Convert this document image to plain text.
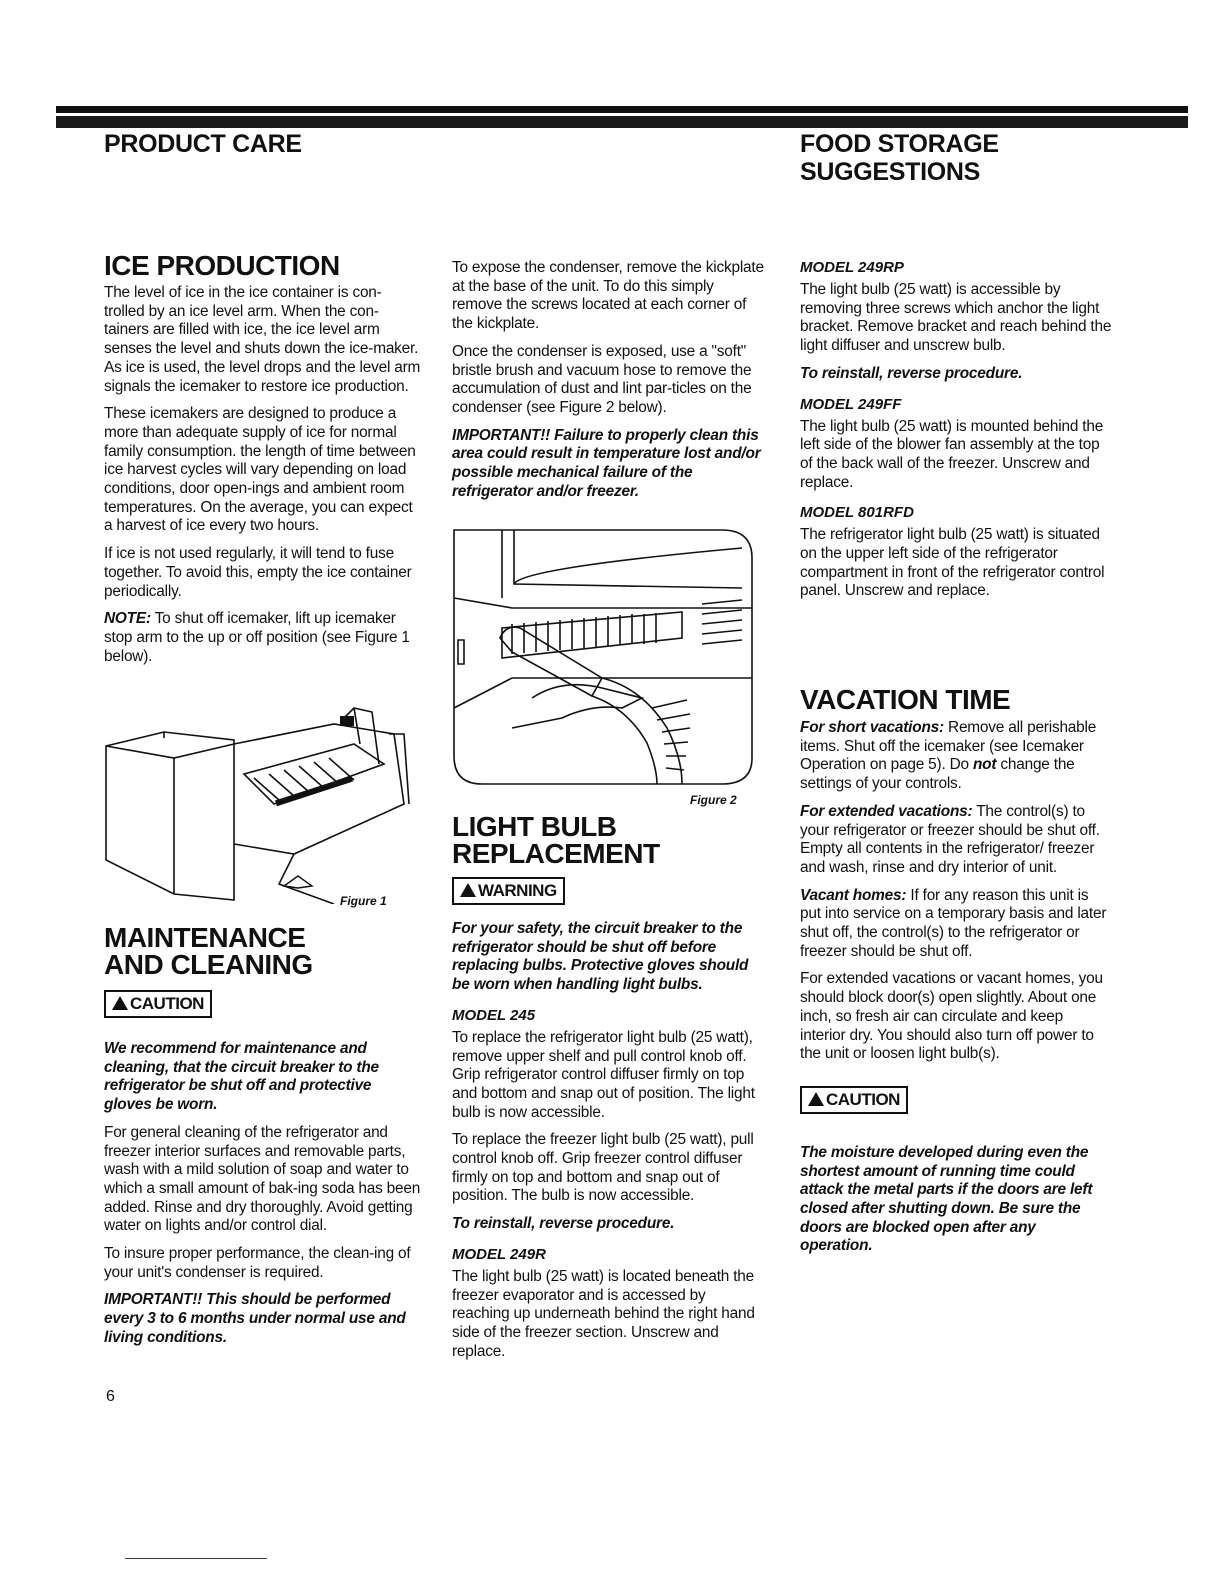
PRODUCT CARE	FOOD STORAGE
SUGGESTIONS
ICE PRODUCTION

The level of ice in the ice container is con-trolled by an ice level arm. When the con-tainers are filled with ice, the ice level arm senses the level and shuts down the ice-maker. As ice is used, the level drops and the level arm signals the icemaker to restore ice production.

These icemakers are designed to produce a more than adequate supply of ice for normal family consumption. the length of time between ice harvest cycles will vary depending on load conditions, door open-ings and ambient room temperatures. On the average, you can expect a harvest of ice every two hours.

If ice is not used regularly, it will tend to fuse together. To avoid this, empty the ice container periodically.

NOTE: To shut off icemaker, lift up icemaker stop arm to the up or off position (see Figure 1 below).

Figure 1
MAINTENANCE
AND CLEANING
CAUTION

We recommend for maintenance and cleaning, that the circuit breaker to the refrigerator be shut off and protective gloves be worn.

For general cleaning of the refrigerator and freezer interior surfaces and removable parts, wash with a mild solution of soap and water to which a small amount of bak-ing soda has been added. Rinse and dry thoroughly. Avoid getting water on lights and/or control dial.

To insure proper performance, the clean-ing of your unit's condenser is required.

IMPORTANT!! This should be performed every 3 to 6 months under normal use and living conditions.

To expose the condenser, remove the kickplate at the base of the unit. To do this simply remove the screws located at each corner of the kickplate.

Once the condenser is exposed, use a "soft" bristle brush and vacuum hose to remove the accumulation of dust and lint par-ticles on the condenser (see Figure 2 below).

IMPORTANT!! Failure to properly clean this area could result in temperature lost and/or possible mechanical failure of the refrigerator and/or freezer.

Figure 2
LIGHT BULB
REPLACEMENT
WARNING

For your safety, the circuit breaker to the refrigerator should be shut off before replacing bulbs. Protective gloves should be worn when handling light bulbs.

MODEL 245

To replace the refrigerator light bulb (25 watt), remove upper shelf and pull control knob off. Grip refrigerator control diffuser firmly on top and bottom and snap out of position. The light bulb is now accessible.

To replace the freezer light bulb (25 watt), pull control knob off. Grip freezer control diffuser firmly on top and bottom and snap out of position. The bulb is now accessible.

To reinstall, reverse procedure.

MODEL 249R

The light bulb (25 watt) is located beneath the freezer evaporator and is accessed by reaching up underneath behind the right hand side of the freezer section. Unscrew and replace.

MODEL 249RP

The light bulb (25 watt) is accessible by removing three screws which anchor the light bracket. Remove bracket and reach behind the light diffuser and unscrew bulb.

To reinstall, reverse procedure.

MODEL 249FF

The light bulb (25 watt) is mounted behind the left side of the blower fan assembly at the top of the back wall of the freezer. Unscrew and replace.

MODEL 801RFD

The refrigerator light bulb (25 watt) is situated on the upper left side of the refrigerator compartment in front of the refrigerator control panel. Unscrew and replace.

VACATION TIME

For short vacations: Remove all perishable items. Shut off the icemaker (see Icemaker Operation on page 5). Do not change the settings of your controls.

For extended vacations: The control(s) to your refrigerator or freezer should be shut off. Empty all contents in the refrigerator/ freezer and wash, rinse and dry interior of unit.

Vacant homes: If for any reason this unit is put into service on a temporary basis and later shut off, the control(s) to the refrigerator or freezer should be shut off.

For extended vacations or vacant homes, you should block door(s) open slightly. About one inch, so fresh air can circulate and keep interior dry. You should also turn off power to the unit or loosen light bulb(s).

CAUTION

The moisture developed during even the shortest amount of running time could attack the metal parts if the doors are left closed after shutting down. Be sure the doors are blocked open after any operation.

6
